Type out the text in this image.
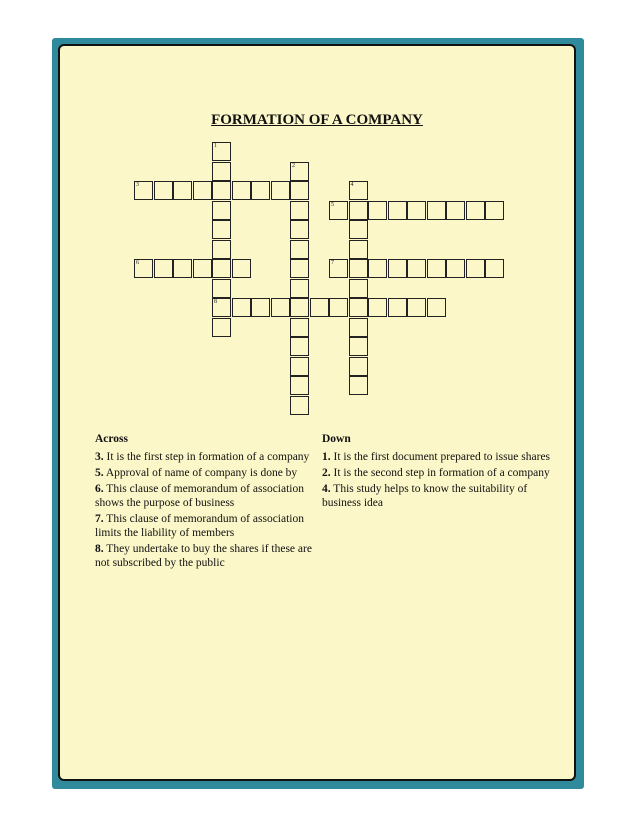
FORMATION OF A COMPANY
3
5
6	7
8
1
2
4
Across
3. It is the first step in formation of a company
5. Approval of name of company is done by
6. This clause of memorandum of association shows the purpose of business
7. This clause of memorandum of association limits the liability of members
8. They undertake to buy the shares if these are not subscribed by the public
Down
1. It is the first document prepared to issue shares
2. It is the second step in formation of a company
4. This study helps to know the suitability of business idea
